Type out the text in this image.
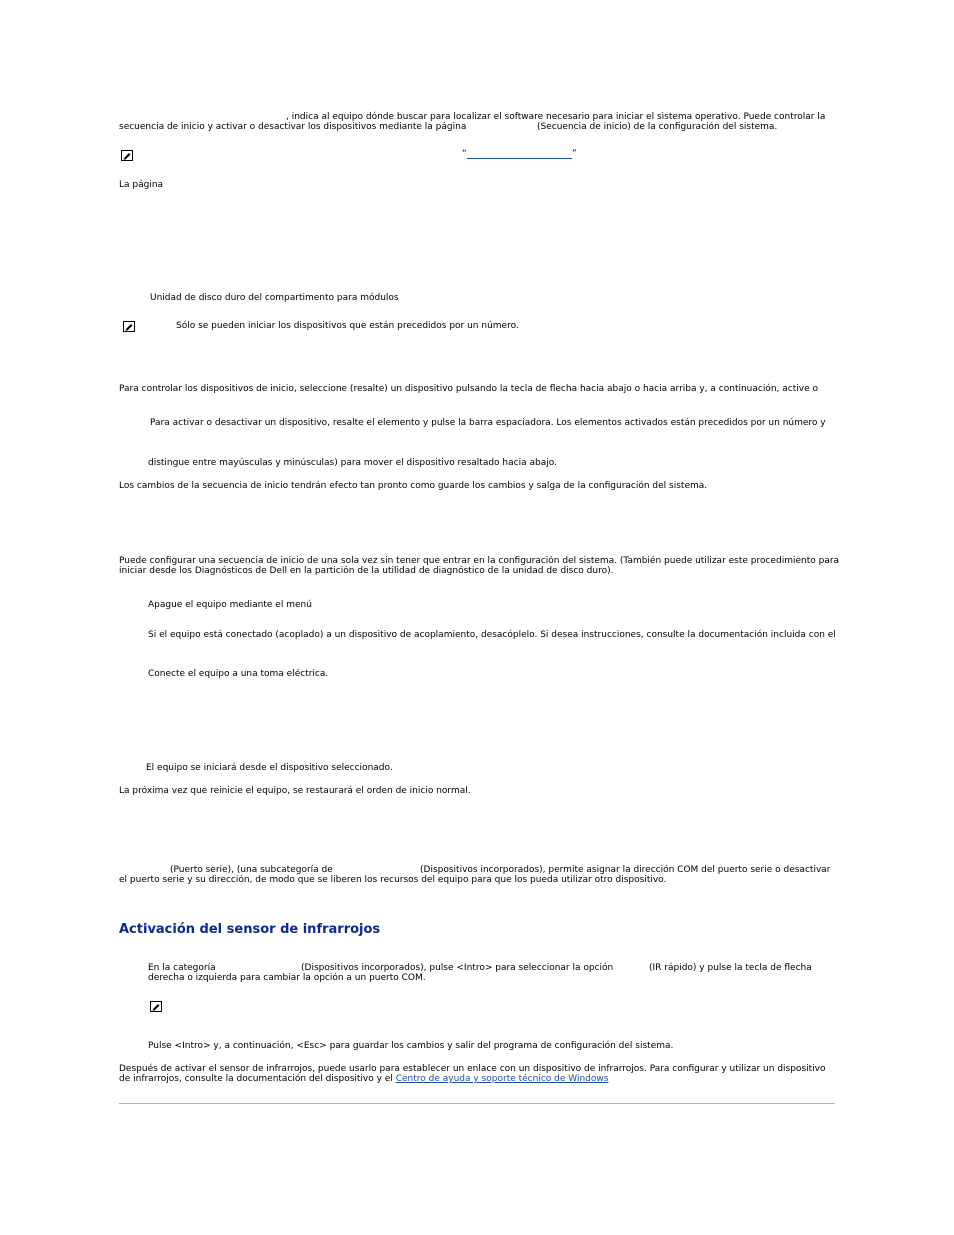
, indica al equipo dónde buscar para localizar el software necesario para iniciar el sistema operativo. Puede controlar la
secuencia de inicio y activar o desactivar los dispositivos mediante la página	(Secuencia de inicio) de la configuración del sistema.
“	”
La página
Unidad de disco duro del compartimento para módulos
Sólo se pueden iniciar los dispositivos que están precedidos por un número.
Para controlar los dispositivos de inicio, seleccione (resalte) un dispositivo pulsando la tecla de flecha hacia abajo o hacia arriba y, a continuación, active o
Para activar o desactivar un dispositivo, resalte el elemento y pulse la barra espaciadora. Los elementos activados están precedidos por un número y
distingue entre mayúsculas y minúsculas) para mover el dispositivo resaltado hacia abajo.
Los cambios de la secuencia de inicio tendrán efecto tan pronto como guarde los cambios y salga de la configuración del sistema.
Puede configurar una secuencia de inicio de una sola vez sin tener que entrar en la configuración del sistema. (También puede utilizar este procedimiento para
iniciar desde los Diagnósticos de Dell en la partición de la utilidad de diagnóstico de la unidad de disco duro).
Apague el equipo mediante el menú
Si el equipo está conectado (acoplado) a un dispositivo de acoplamiento, desacóplelo. Si desea instrucciones, consulte la documentación incluida con el
Conecte el equipo a una toma eléctrica.
El equipo se iniciará desde el dispositivo seleccionado.
La próxima vez que reinicie el equipo, se restaurará el orden de inicio normal.
(Puerto serie), (una subcategoría de	(Dispositivos incorporados), permite asignar la dirección COM del puerto serie o desactivar
el puerto serie y su dirección, de modo que se liberen los recursos del equipo para que los pueda utilizar otro dispositivo.
Activación del sensor de infrarrojos
En la categoría	(Dispositivos incorporados), pulse <Intro> para seleccionar la opción	(IR rápido) y pulse la tecla de flecha
derecha o izquierda para cambiar la opción a un puerto COM.
Pulse <Intro> y, a continuación, <Esc> para guardar los cambios y salir del programa de configuración del sistema.
Después de activar el sensor de infrarrojos, puede usarlo para establecer un enlace con un dispositivo de infrarrojos. Para configurar y utilizar un dispositivo
de infrarrojos, consulte la documentación del dispositivo y el Centro de ayuda y soporte técnico de Windows
